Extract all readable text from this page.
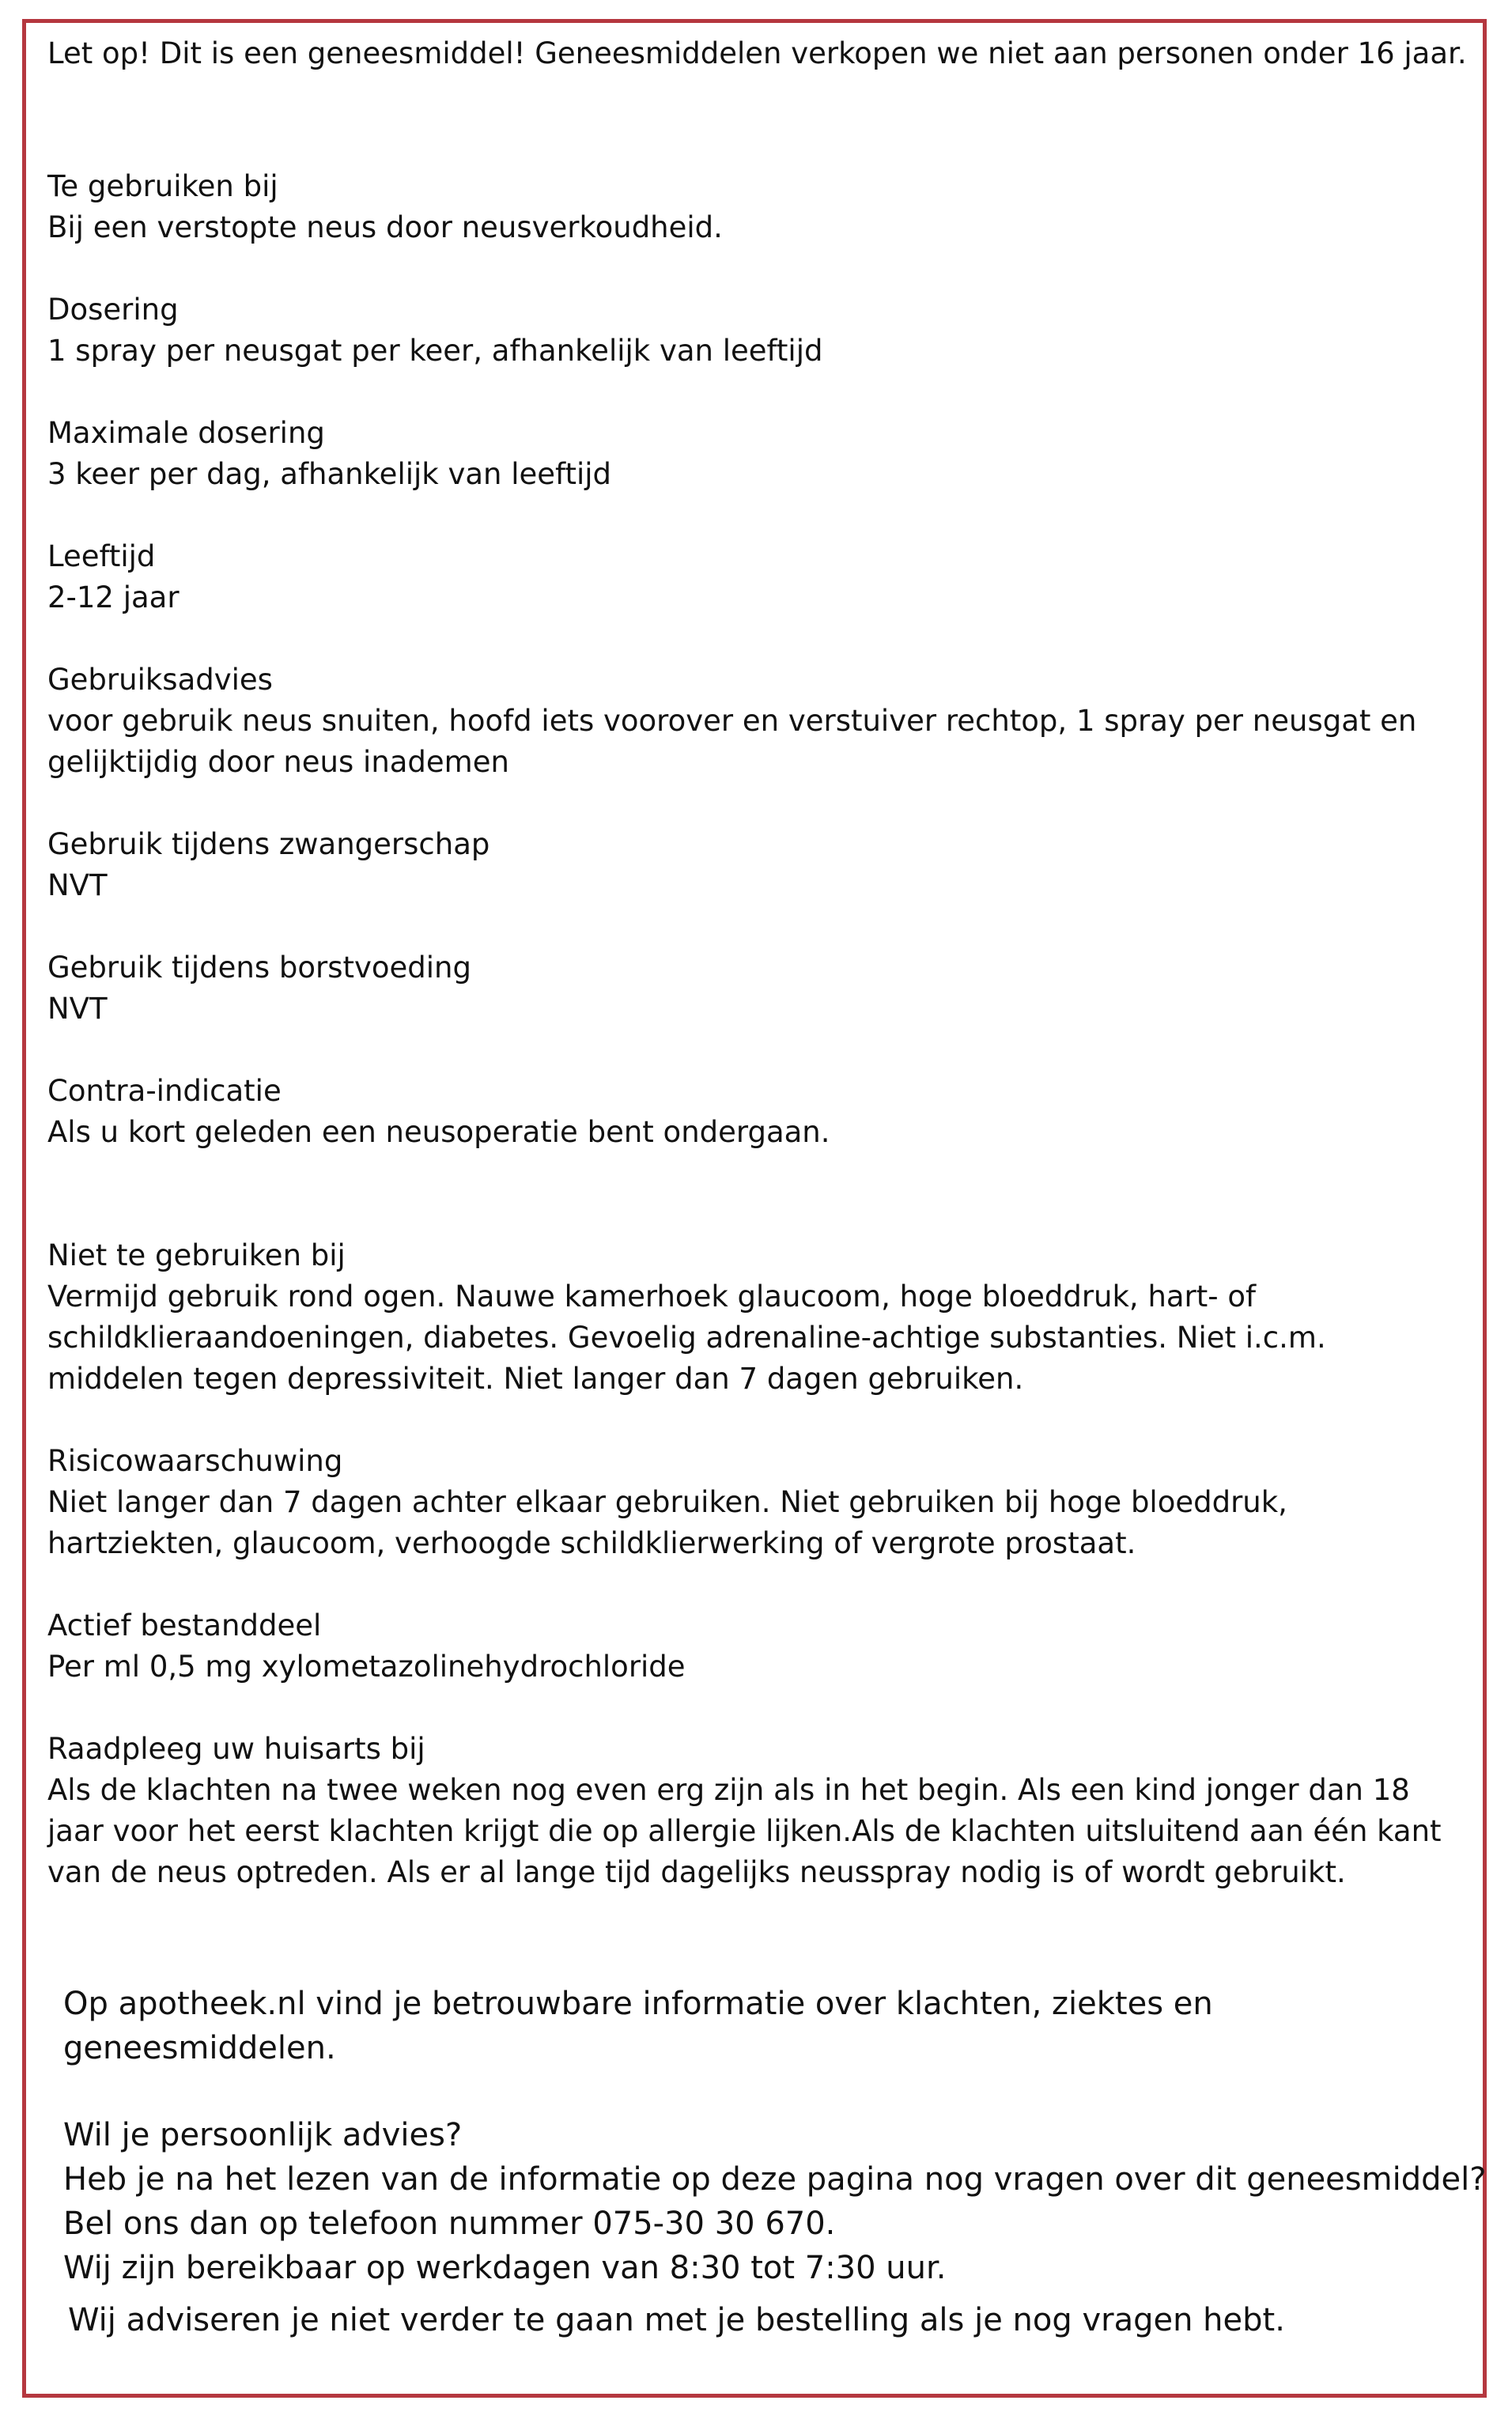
Let op! Dit is een geneesmiddel! Geneesmiddelen verkopen we niet aan personen onder 16 jaar.

Te gebruiken bij

Bij een verstopte neus door neusverkoudheid.

Dosering

1 spray per neusgat per keer, afhankelijk van leeftijd

Maximale dosering

3 keer per dag, afhankelijk van leeftijd

Leeftijd

2-12 jaar

Gebruiksadvies

voor gebruik neus snuiten, hoofd iets voorover en verstuiver rechtop, 1 spray per neusgat en gelijktijdig door neus inademen

Gebruik tijdens zwangerschap

NVT

Gebruik tijdens borstvoeding

NVT

Contra-indicatie

Als u kort geleden een neusoperatie bent ondergaan.

Niet te gebruiken bij

Vermijd gebruik rond ogen. Nauwe kamerhoek glaucoom, hoge bloeddruk, hart- of schildklieraandoeningen, diabetes. Gevoelig adrenaline-achtige substanties. Niet i.c.m. middelen tegen depressiviteit. Niet langer dan 7 dagen gebruiken.

Risicowaarschuwing

Niet langer dan 7 dagen achter elkaar gebruiken. Niet gebruiken bij hoge bloeddruk, hartziekten, glaucoom, verhoogde schildklierwerking of vergrote prostaat.

Actief bestanddeel

Per ml 0,5 mg xylometazolinehydrochloride

Raadpleeg uw huisarts bij

Als de klachten na twee weken nog even erg zijn als in het begin. Als een kind jonger dan 18 jaar voor het eerst klachten krijgt die op allergie lijken.Als de klachten uitsluitend aan één kant van de neus optreden. Als er al lange tijd dagelijks neusspray nodig is of wordt gebruikt.

Op apotheek.nl vind je betrouwbare informatie over klachten, ziektes en geneesmiddelen.

Wil je persoonlijk advies?

Heb je na het lezen van de informatie op deze pagina nog vragen over dit geneesmiddel? Bel ons dan op telefoon nummer 075-30 30 670.

Wij zijn bereikbaar op werkdagen van 8:30 tot 7:30 uur.

Wij adviseren je niet verder te gaan met je bestelling als je nog vragen hebt.
